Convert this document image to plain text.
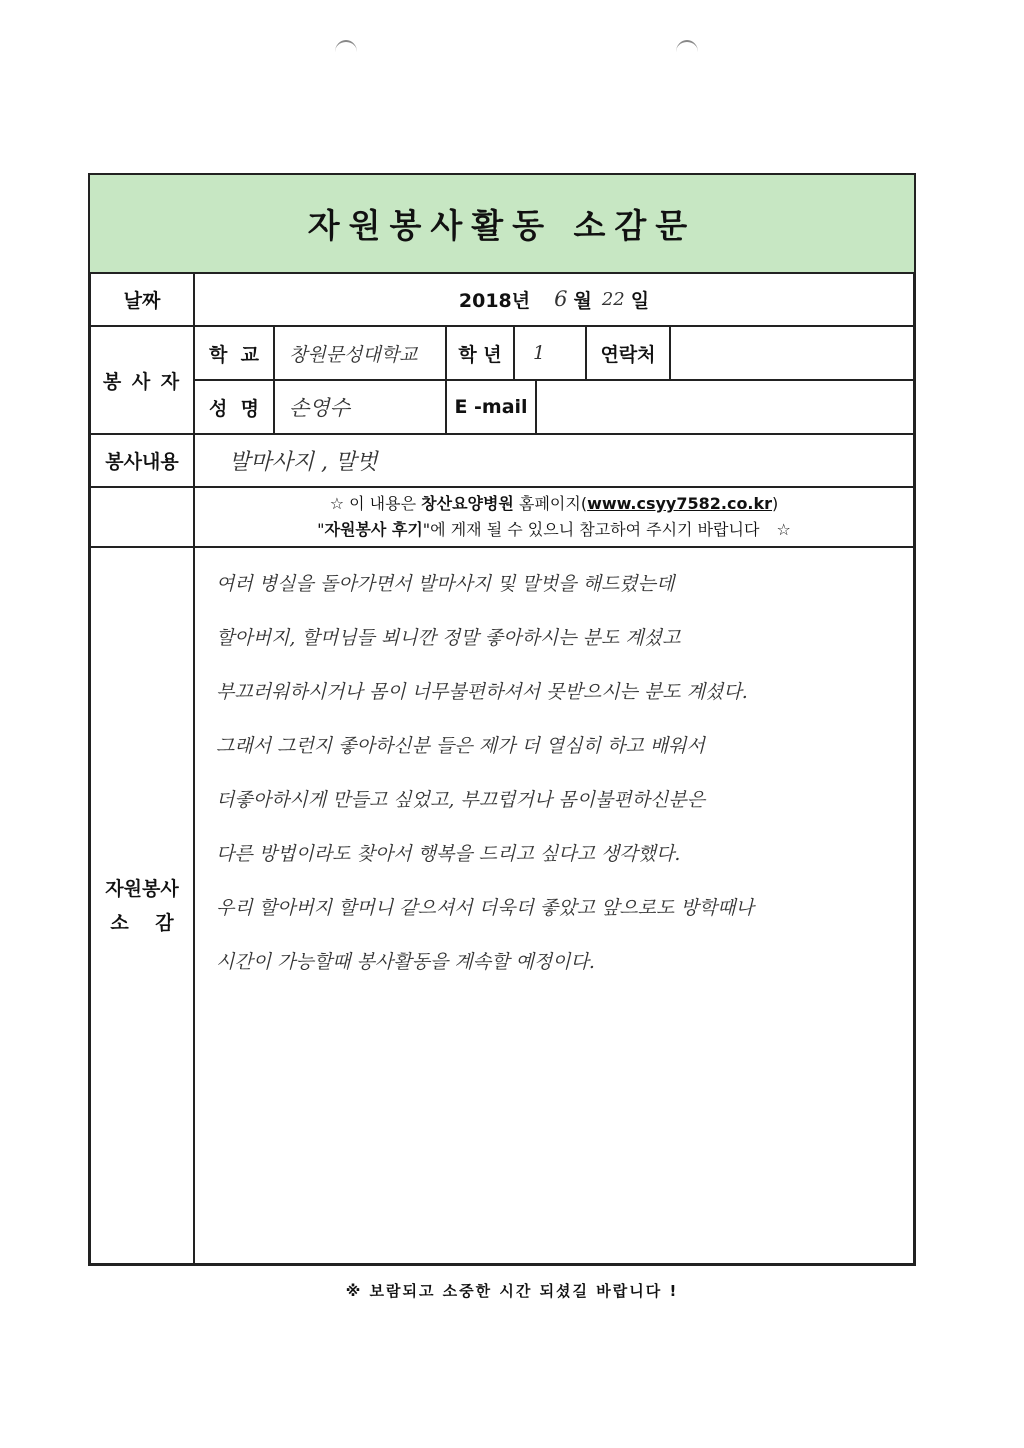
자원봉사활동 소감문
날짜	2018년 6 월 22 일
봉 사 자
학  교	창원문성대학교	학 년	1	연락처
성  명	손영수	E -mail
봉사내용	발마사지 , 말벗
☆ 이 내용은 창산요양병원 홈페이지(www.csyy7582.co.kr)
"자원봉사 후기"에 게재 될 수 있으니 참고하여 주시기 바랍니다 ☆
자원봉사
소    감
여러 병실을 돌아가면서 발마사지 및 말벗을 해드렸는데
할아버지, 할머님들 뵈니깐 정말 좋아하시는 분도 계셨고
부끄러워하시거나 몸이 너무불편하셔서 못받으시는 분도 계셨다.
그래서 그런지 좋아하신분 들은 제가 더 열심히 하고 배워서
더좋아하시게 만들고 싶었고, 부끄럽거나 몸이불편하신분은
다른 방법이라도 찾아서 행복을 드리고 싶다고 생각했다.
우리 할아버지 할머니 같으셔서 더욱더 좋았고 앞으로도 방학때나
시간이 가능할때 봉사활동을 계속할 예정이다.
※ 보람되고 소중한 시간 되셨길 바랍니다 !
